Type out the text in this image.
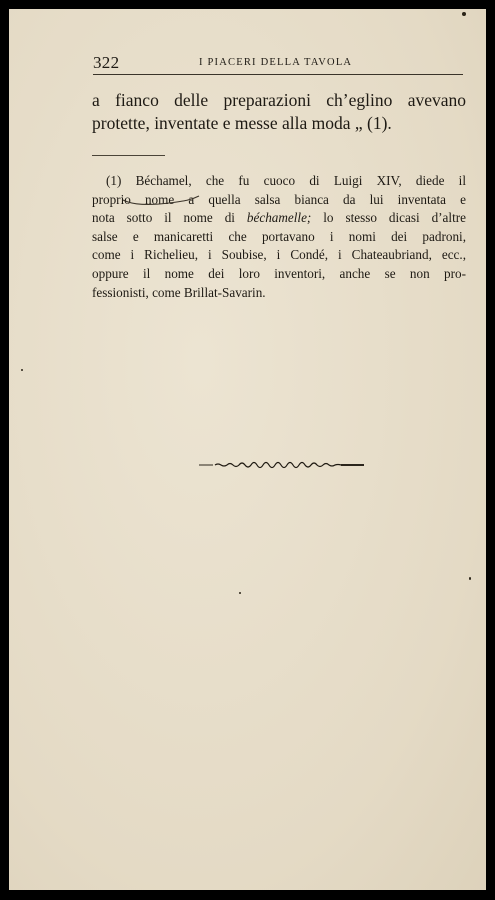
322	I PIACERI DELLA TAVOLA
a fianco delle preparazioni ch’eglino avevano
protette, inventate e messe alla moda „ (1).
(1) Béchamel, che fu cuoco di Luigi XIV, diede il
proprio nome a quella salsa bianca da lui inventata e
nota sotto il nome di béchamelle; lo stesso dicasi d’altre
salse e manicaretti che portavano i nomi dei padroni,
come i Richelieu, i Soubise, i Condé, i Chateaubriand, ecc.,
oppure il nome dei loro inventori, anche se non pro-
fessionisti, come Brillat-Savarin.
